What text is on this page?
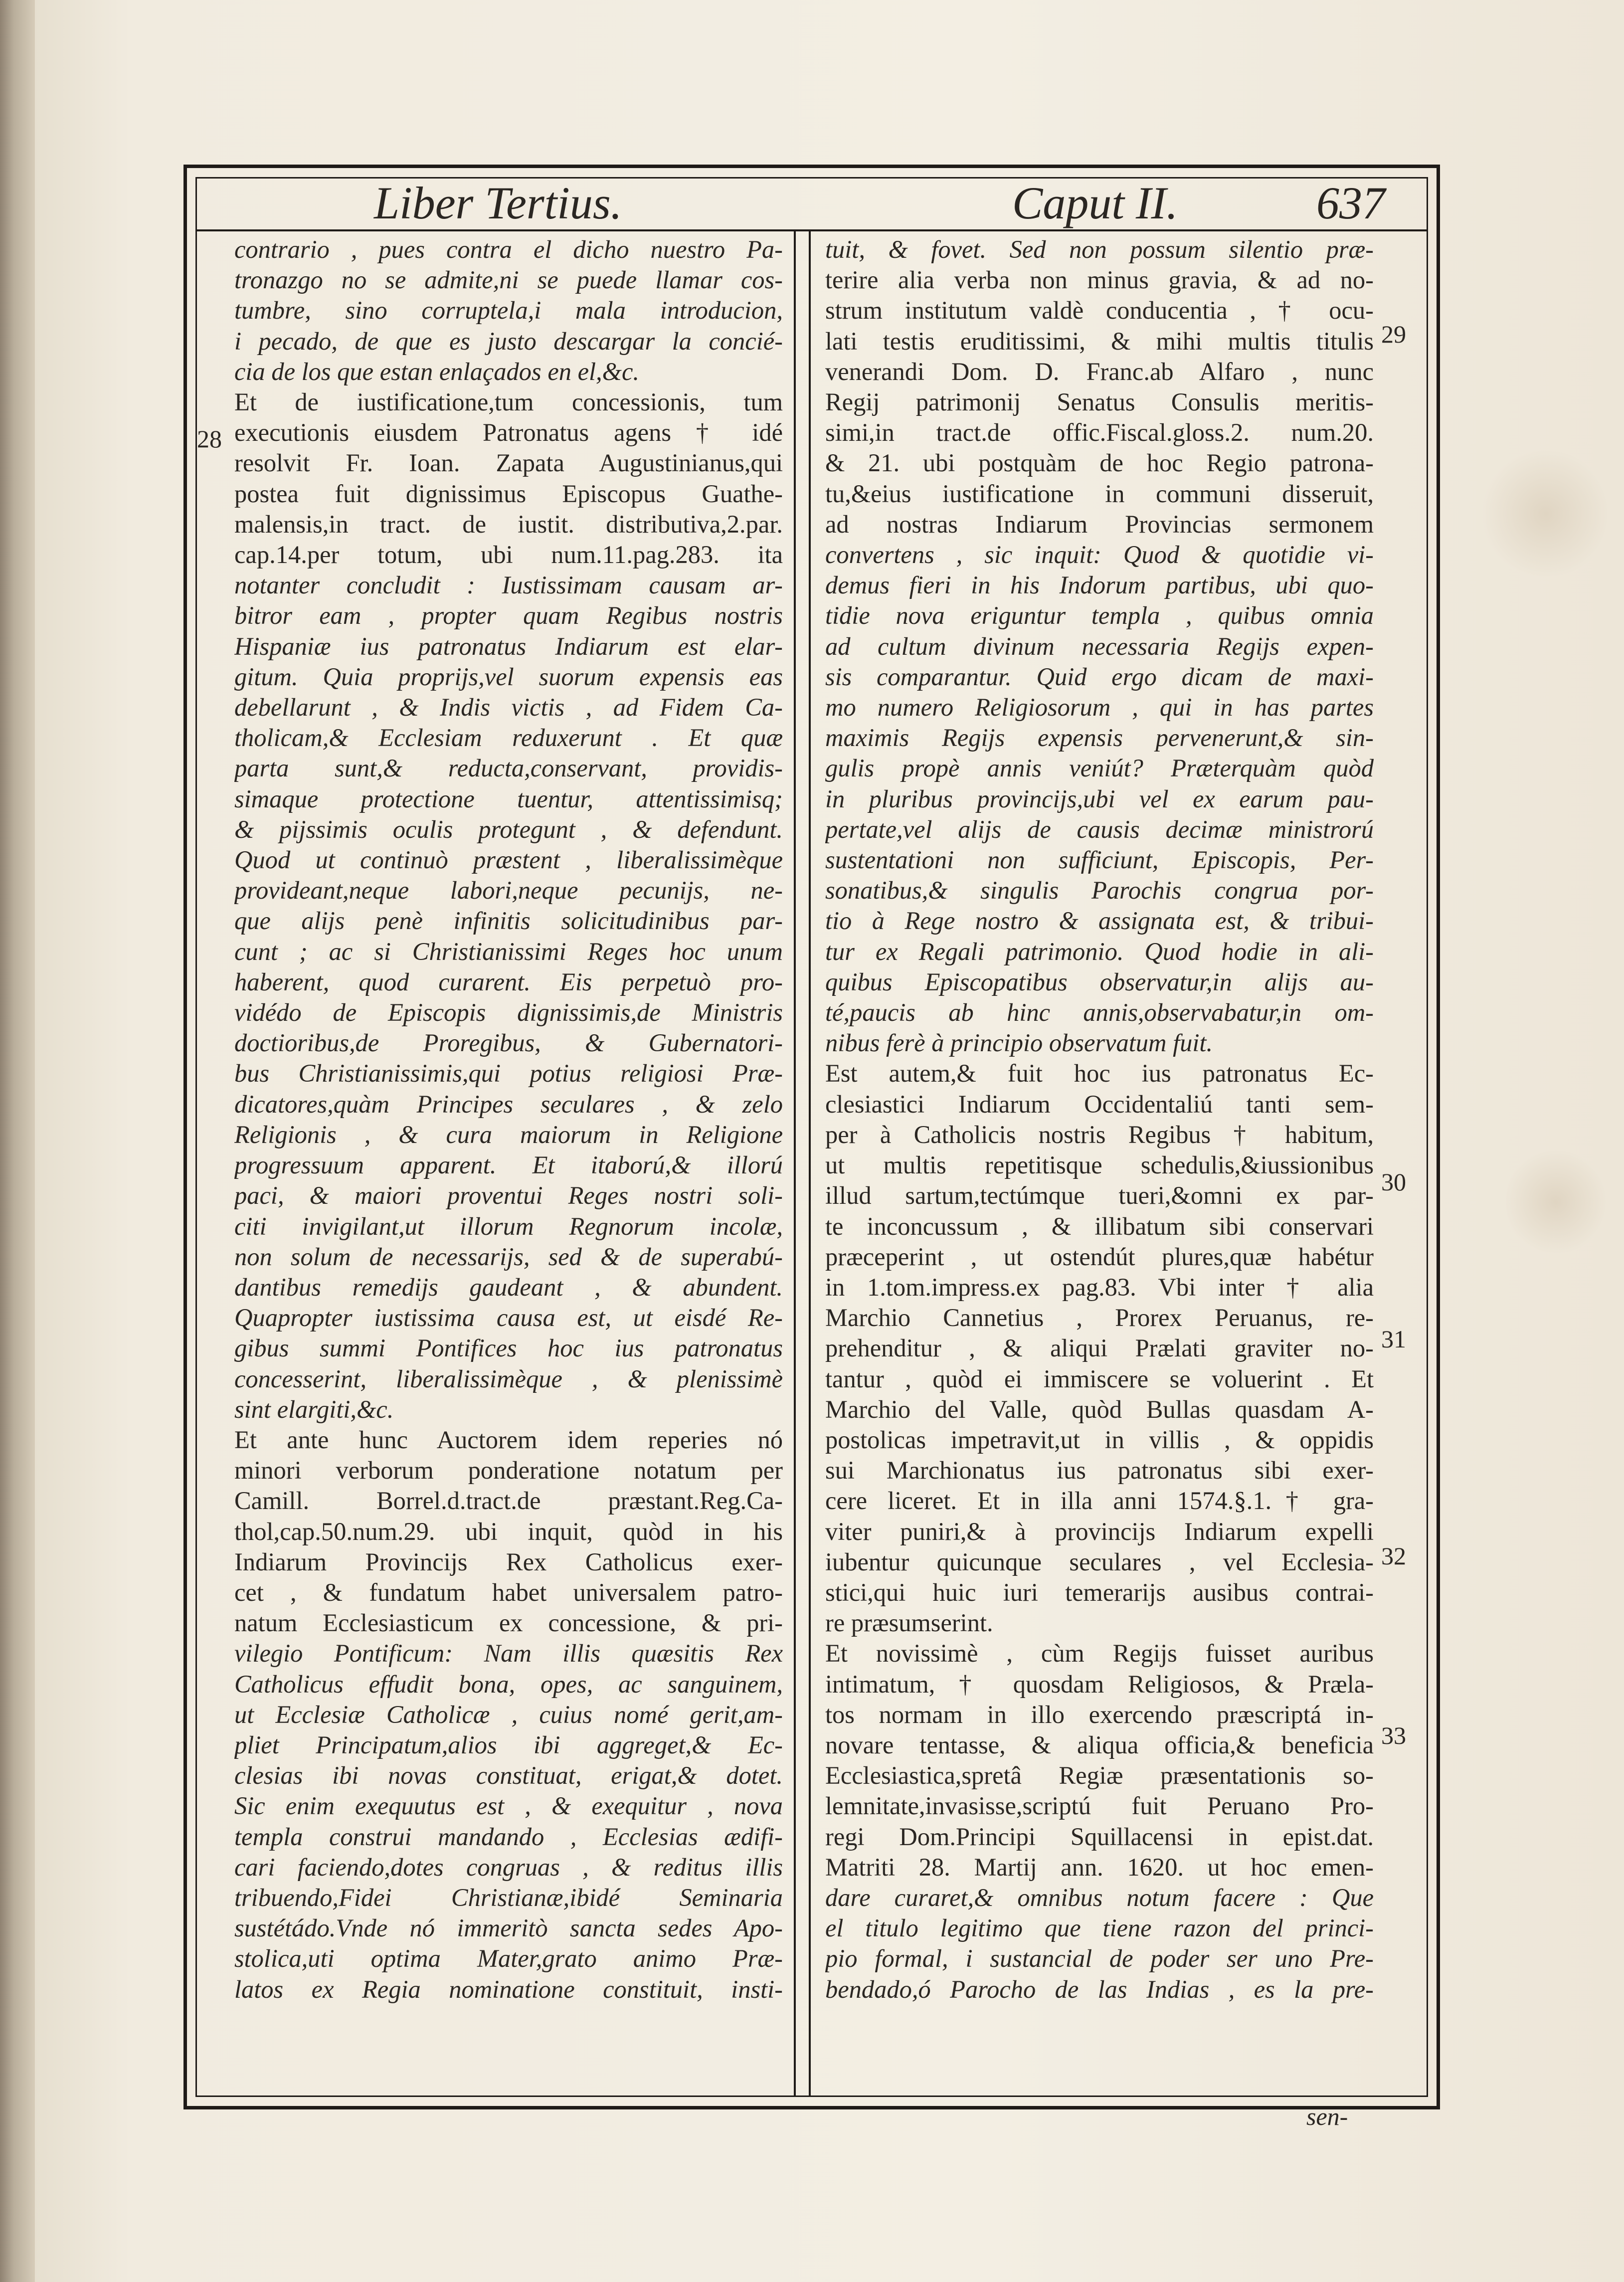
Liber Tertius.	Caput II.	637
contrario , pues contra el dicho nuestro Pa-
tronazgo no se admite,ni se puede llamar cos-
tumbre, sino corruptela,i mala introducion,
i pecado, de que es justo descargar la concié-
cia de los que estan enlaçados en el,&c.
Et de iustificatione,tum concessionis, tum
executionis eiusdem Patronatus agens † idé
resolvit Fr. Ioan. Zapata Augustinianus,qui
postea fuit dignissimus Episcopus Guathe-
malensis,in tract. de iustit. distributiva,2.par.
cap.14.per totum, ubi num.11.pag.283. ita
notanter concludit : Iustissimam causam ar-
bitror eam , propter quam Regibus nostris
Hispaniæ ius patronatus Indiarum est elar-
gitum. Quia proprijs,vel suorum expensis eas
debellarunt , & Indis victis , ad Fidem Ca-
tholicam,& Ecclesiam reduxerunt . Et quæ
parta sunt,& reducta,conservant, providis-
simaque protectione tuentur, attentissimisq;
& pijssimis oculis protegunt , & defendunt.
Quod ut continuò præstent , liberalissimèque
provideant,neque labori,neque pecunijs, ne-
que alijs penè infinitis solicitudinibus par-
cunt ; ac si Christianissimi Reges hoc unum
haberent, quod curarent. Eis perpetuò pro-
vidédo de Episcopis dignissimis,de Ministris
doctioribus,de Proregibus, & Gubernatori-
bus Christianissimis,qui potius religiosi Præ-
dicatores,quàm Principes seculares , & zelo
Religionis , & cura maiorum in Religione
progressuum apparent. Et itaború,& illorú
paci, & maiori proventui Reges nostri soli-
citi invigilant,ut illorum Regnorum incolæ,
non solum de necessarijs, sed & de superabú-
dantibus remedijs gaudeant , & abundent.
Quapropter iustissima causa est, ut eisdé Re-
gibus summi Pontifices hoc ius patronatus
concesserint, liberalissimèque , & plenissimè
sint elargiti,&c.
Et ante hunc Auctorem idem reperies nó
minori verborum ponderatione notatum per
Camill. Borrel.d.tract.de præstant.Reg.Ca-
thol,cap.50.num.29. ubi inquit, quòd in his
Indiarum Provincijs Rex Catholicus exer-
cet , & fundatum habet universalem patro-
natum Ecclesiasticum ex concessione, & pri-
vilegio Pontificum: Nam illis quæsitis Rex
Catholicus effudit bona, opes, ac sanguinem,
ut Ecclesiæ Catholicæ , cuius nomé gerit,am-
pliet Principatum,alios ibi aggreget,& Ec-
clesias ibi novas constituat, erigat,& dotet.
Sic enim exequutus est , & exequitur , nova
templa construi mandando , Ecclesias ædifi-
cari faciendo,dotes congruas , & reditus illis
tribuendo,Fidei Christianæ,ibidé Seminaria
sustétádo.Vnde nó immeritò sancta sedes Apo-
stolica,uti optima Mater,grato animo Præ-
latos ex Regia nominatione constituit, insti-
tuit, & fovet. Sed non possum silentio præ-
terire alia verba non minus gravia, & ad no-
strum institutum valdè conducentia , † ocu-
lati testis eruditissimi, & mihi multis titulis
venerandi Dom. D. Franc.ab Alfaro , nunc
Regij patrimonij Senatus Consulis meritis-
simi,in tract.de offic.Fiscal.gloss.2. num.20.
& 21. ubi postquàm de hoc Regio patrona-
tu,&eius iustificatione in communi disseruit,
ad nostras Indiarum Provincias sermonem
convertens , sic inquit: Quod & quotidie vi-
demus fieri in his Indorum partibus, ubi quo-
tidie nova eriguntur templa , quibus omnia
ad cultum divinum necessaria Regijs expen-
sis comparantur. Quid ergo dicam de maxi-
mo numero Religiosorum , qui in has partes
maximis Regijs expensis pervenerunt,& sin-
gulis propè annis veniút? Præterquàm quòd
in pluribus provincijs,ubi vel ex earum pau-
pertate,vel alijs de causis decimæ ministrorú
sustentationi non sufficiunt, Episcopis, Per-
sonatibus,& singulis Parochis congrua por-
tio à Rege nostro & assignata est, & tribui-
tur ex Regali patrimonio. Quod hodie in ali-
quibus Episcopatibus observatur,in alijs au-
té,paucis ab hinc annis,observabatur,in om-
nibus ferè à principio observatum fuit.
Est autem,& fuit hoc ius patronatus Ec-
clesiastici Indiarum Occidentaliú tanti sem-
per à Catholicis nostris Regibus † habitum,
ut multis repetitisque schedulis,&iussionibus
illud sartum,tectúmque tueri,&omni ex par-
te inconcussum , & illibatum sibi conservari
præceperint , ut ostendút plures,quæ habétur
in 1.tom.impress.ex pag.83. Vbi inter † alia
Marchio Cannetius , Prorex Peruanus, re-
prehenditur , & aliqui Prælati graviter no-
tantur , quòd ei immiscere se voluerint . Et
Marchio del Valle, quòd Bullas quasdam A-
postolicas impetravit,ut in villis , & oppidis
sui Marchionatus ius patronatus sibi exer-
cere liceret. Et in illa anni 1574.§.1.† gra-
viter puniri,& à provincijs Indiarum expelli
iubentur quicunque seculares , vel Ecclesia-
stici,qui huic iuri temerarijs ausibus contrai-
re præsumserint.
Et novissimè , cùm Regijs fuisset auribus
intimatum, † quosdam Religiosos, & Præla-
tos normam in illo exercendo præscriptá in-
novare tentasse, & aliqua officia,& beneficia
Ecclesiastica,spretâ Regiæ præsentationis so-
lemnitate,invasisse,scriptú fuit Peruano Pro-
regi Dom.Principi Squillacensi in epist.dat.
Matriti 28. Martij ann. 1620. ut hoc emen-
dare curaret,& omnibus notum facere : Que
el titulo legitimo que tiene razon del princi-
pio formal, i sustancial de poder ser uno Pre-
bendado,ó Parocho de las Indias , es la pre-
28
29
30
31
32
33
sen-
